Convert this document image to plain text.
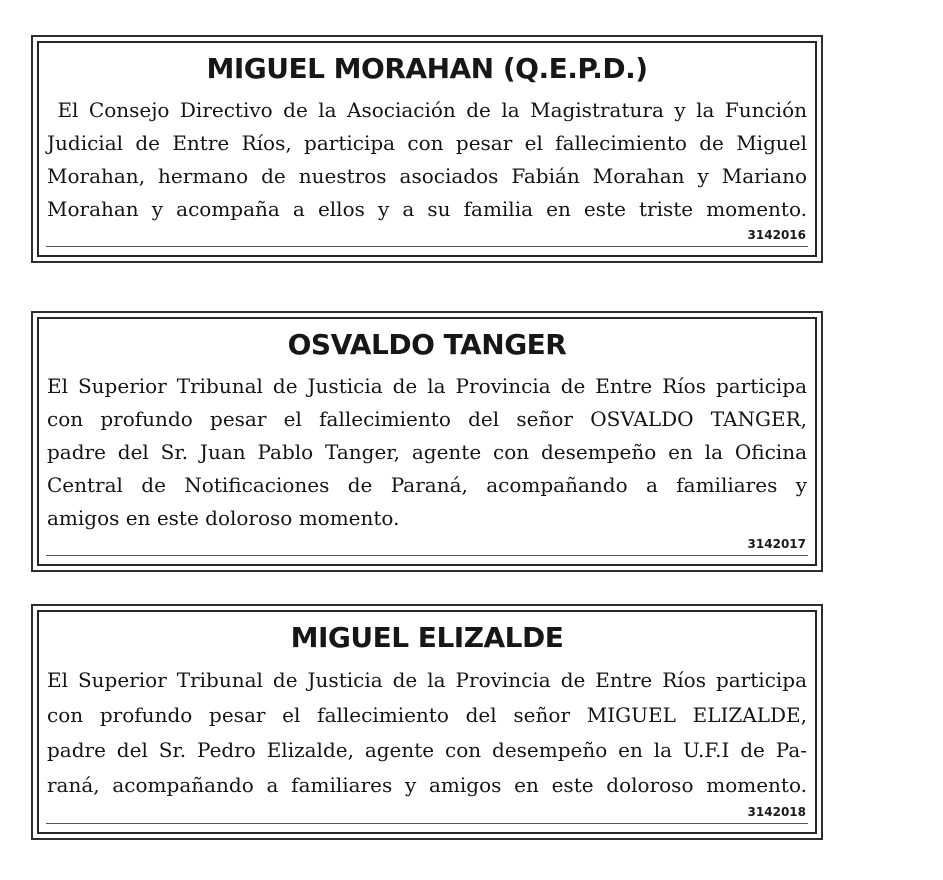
MIGUEL MORAHAN (Q.E.P.D.)
El Consejo Directivo de la Asociación de la Magistratura y la Función
Judicial de Entre Ríos, participa con pesar el fallecimiento de Miguel
Morahan, hermano de nuestros asociados Fabián Morahan y Mariano
Morahan y acompaña a ellos y a su familia en este triste momento.
3142016
OSVALDO TANGER
El Superior Tribunal de Justicia de la Provincia de Entre Ríos participa
con profundo pesar el fallecimiento del señor OSVALDO TANGER,
padre del Sr. Juan Pablo Tanger, agente con desempeño en la Oficina
Central de Notificaciones de Paraná, acompañando a familiares y
amigos en este doloroso momento.
3142017
MIGUEL ELIZALDE
El Superior Tribunal de Justicia de la Provincia de Entre Ríos participa
con profundo pesar el fallecimiento del señor MIGUEL ELIZALDE,
padre del Sr. Pedro Elizalde, agente con desempeño en la U.F.I de Pa-
raná, acompañando a familiares y amigos en este doloroso momento.
3142018
